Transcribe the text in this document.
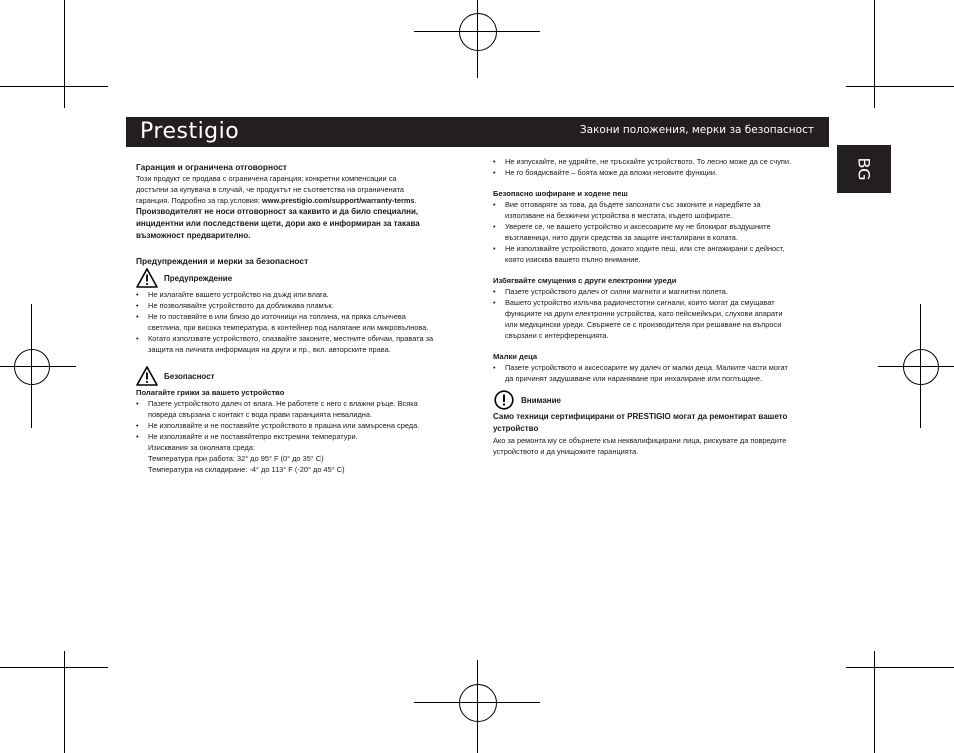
Prestigio	Закони положения, мерки за безопасност
BG

Гаранция и ограничена отговорност

Този продукт се продава с ограничена гаранция; конкретни компенсации са
достъпни за купувача в случай, че продуктът не съответства на ограничената
гаранция. Подробно за гар.условия: www.prestigio.com/support/warranty-terms.
Производителят не носи отговорност за каквито и да било специални,
инцидентни или последствени щети, дори ако е информиран за такава
възможност предварително.

Предупреждения и мерки за безопасност

Предупреждение
• Не излагайте вашето устройство на дъжд или влага.
• Не позволявайте устройството да доближава пламък.
• Не го поставяйте в или близо до източници на топлина, на пряка слънчева
светлина, при висока температура, в контейнер под налягане или микровълнова.
• Когато използвате устройството, спазвайте законите, местните обичаи, правата за
защита на личната информация на други и пр., вкл. авторските права.
Безопасност

Полагайте грижи за вашето устройство

• Пазете устройството далеч от влага. Не работете с него с влажни ръце. Всяка
повреда свързана с контакт с вода прави гаранцията невалидна.
• Не използвайте и не поставяйте устройството в прашна или замърсена среда.
• Не използвайте и не поставяйтепро екстремни температури.
Изисквания за околната среда:
Температура при работа: 32° до 95° F (0° до 35° C)
Температура на складиране: -4° до 113° F (-20° до 45° C)
• Не изпускайте, не удряйте, не тръскайте устройството. То лесно може да се счупи.
• Не го боядисвайте – боята може да вложи неговите функции.

Безопасно шофиране и ходене пеш

• Вие отговаряте за това, да бъдете запознати със законите и наредбите за
използване на безжични устройства в местата, където шофирате.
• Уверете се, че вашето устройство и аксесоарите му не блокират въздушните
възглавници, нито други средства за защите инсталирани в колата.
• Не използвайте устройството, докато ходите пеш, или сте ангажирани с дейност,
която изисква вашето пълно внимание.

Избягвайте смущения с други електронни уреди

• Пазете устройството далеч от силни магнити и магнитни полета.
• Вашето устройство излъчва радиочестотни сигнали, които могат да смущават
функциите на други електронни устройства, като пейсмейкъри, слухови апарати
или медицински уреди. Свържете се с производителя при решаване на въпроси
свързани с интерференцията.

Малки деца

• Пазете устройството и аксесоарите му далеч от малки деца. Малките части могат
да причинят задушаване или нараняване при инхалиране или поглъщане.
Внимание
Само техници сертифицирани от PRESTIGIO могат да ремонтират вашето
устройство
Ако за ремонта му се обърнете към неквалифицирани лица, рискувате да повредите
устройството и да унищожите гаранцията.
